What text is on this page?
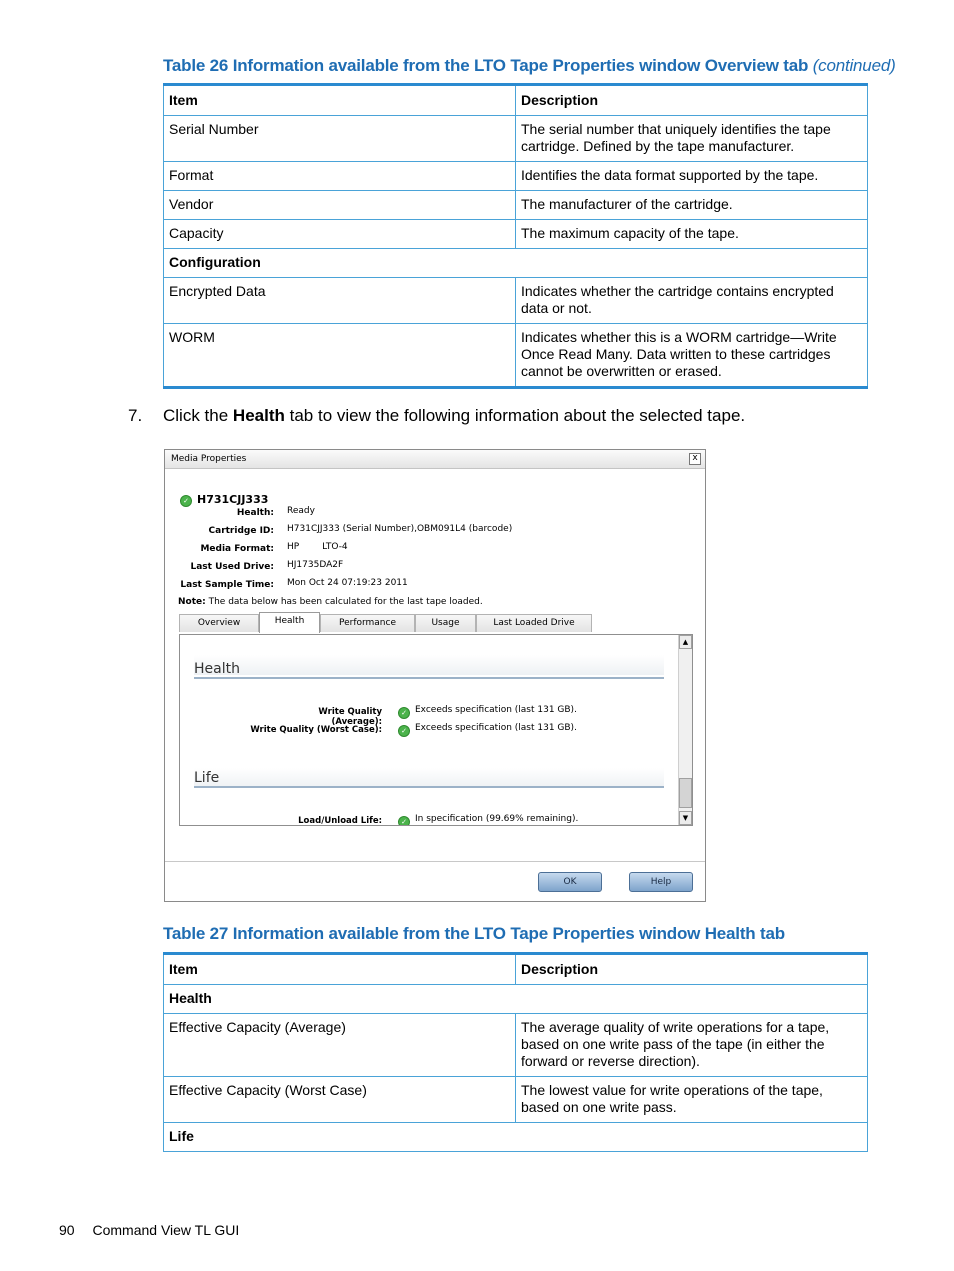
Table 26 Information available from the LTO Tape Properties window Overview tab (continued)
Item	Description
Serial Number	The serial number that uniquely identifies the tape cartridge. Defined by the tape manufacturer.
Format	Identifies the data format supported by the tape.
Vendor	The manufacturer of the cartridge.
Capacity	The maximum capacity of the tape.
Configuration	
Encrypted Data	Indicates whether the cartridge contains encrypted data or not.
WORM	Indicates whether this is a WORM cartridge—Write Once Read Many. Data written to these cartridges cannot be overwritten or erased.
7. Click the Health tab to view the following information about the selected tape.
Media Properties	x
✓ H731CJJ333
Health: Ready
Cartridge ID: H731CJJ333 (Serial Number),OBM091L4 (barcode)
Media Format: HP        LTO-4
Last Used Drive: HJ1735DA2F
Last Sample Time: Mon Oct 24 07:19:23 2011
Note: The data below has been calculated for the last tape loaded.
Overview	Health	Performance	Usage	Last Loaded Drive
Health
Write Quality (Average):
✓ Exceeds specification (last 131 GB).
Write Quality (Worst Case):	✓ Exceeds specification (last 131 GB).
Life
Load/Unload Life:	✓ In specification (99.69% remaining).
▲
▼
OK	Help
Table 27 Information available from the LTO Tape Properties window Health tab
Item	Description
Health	
Effective Capacity (Average)	The average quality of write operations for a tape, based on one write pass of the tape (in either the forward or reverse direction).
Effective Capacity (Worst Case)	The lowest value for write operations of the tape, based on one write pass.
Life	
90 Command View TL GUI
